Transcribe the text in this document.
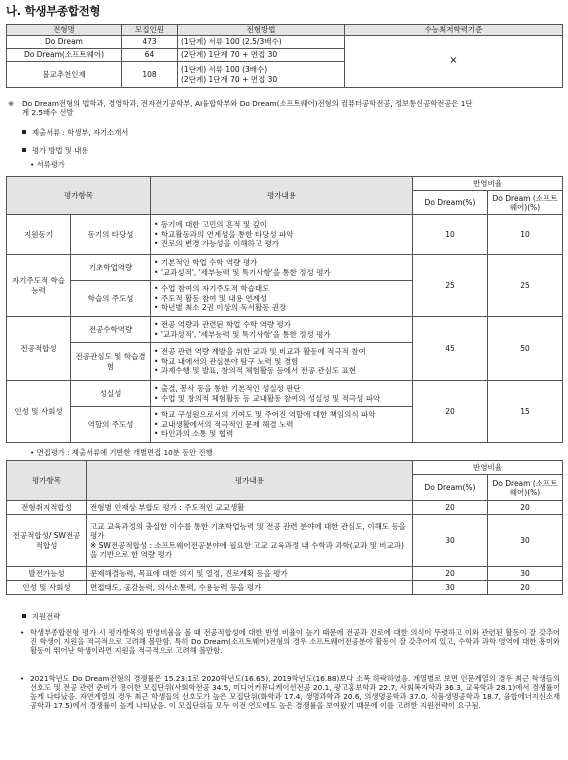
나. 학생부종합전형
전형명	모집인원	전형방법	수능최저학력기준
Do Dream	473	(1단계) 서류 100 (2.5/3배수)	×
Do Dream(소프트웨어)	64	(2단계) 1단계 70 + 면접 30	
불교추천인재	108	(1단계) 서류 100 (3배수)
(2단계) 1단계 70 + 면접 30	
※ Do Dream전형의 법학과, 경영학과, 전자전기공학부, AI융합학부와 Do Dream(소프트웨어)전형의 컴퓨터공학전공, 정보통신공학전공은 1단
계 2.5배수 선발
제출서류 : 학생부, 자기소개서
평가 방법 및 내용
• 서류평가
평가항목		평가내용	반영비율	
			Do Dream(%)	Do Dream (소프트웨어)(%)
지원동기	동기의 타당성	• 동기에 대한 고민의 흔적 및 깊이
• 학교활동과의 연계성을 통한 타당성 파악
• 진로의 변경 가능성을 이해하고 평가	10	10
자기주도적 학습능력	기초학업역량	• 기본적인 학업 수학 역량 평가
• '교과성적', '세부능력 및 특기사항'을 통한 정성 평가	25	25
	학습의 주도성	• 수업 참여의 자기주도적 학습태도
• 주도적 활동 참여 및 내용 연계성
• 학년별 최소 2권 이상의 독서활동 권장		

전공적합성	전공수학역량	• 전공 역량과 관련된 학업 수학 역량 평가
• '교과성적', '세부능력 및 특기사항'을 통한 정성 평가	45	50
	전공관심도 및 학습경험	• 전공 관련 역량 계발을 위한 교과 및 비교과 활동에 적극적 참여
• 학교 내에서의 관심분야 탐구 노력 및 경험
• 과제수행 및 발표, 창의적 체험활동 등에서 전공 관심도 표현		

인성 및 사회성	성실성	• 출결, 봉사 등을 통한 기본적인 성실성 판단
• 수업 및 창의적 체험활동 등 교내활동 참여의 성실성 및 적극성 파악	20	15
	역할의 주도성	• 학교 구성원으로서의 기여도 및 주어진 역할에 대한 책임의식 파악
• 교내생활에서의 적극적인 문제 해결 노력
• 타인과의 소통 및 협력		
• 면접평가 : 제출서류에 기반한 개별면접 10분 동안 진행
평가항목	평가내용	반영비율	
		Do Dream(%)	Do Dream (소프트웨어)(%)
전형취지적합성	전형별 인재상 부합도 평가 : 주도적인 교교생활	20	20
전공적합성/ SW전공적합성	고교 교육과정의 충실한 이수를 통한 기초학업능력 및 전공 관련 분야에 대한 관심도, 이해도 등을
평가
※ SW전공적합성 : 소프트웨어전공분야에 필요한 고교 교육과정 내 수학과 과학(교과 및 비교과)
을 기반으로 한 역량 평가	30	30
발전가능성	문제해결능력, 목표에 대한 의지 및 열정, 진로계획 등을 평가	20	30
인성 및 사회성	면접태도, 공감능력, 의사소통력, 수용능력 등을 평가	30	20
지원전략
• 학생부종합전형 평가 시 평가항목의 반영비율을 볼 때 전공적합성에 대한 반영 비율이 높기 때문에 전공과 진로에 대한 의식이 뚜렷하고 이와 관련된 활동이 잘 갖추어진 학생이 지원을 적극적으로 고려해 볼만함. 특히 Do Dream(소프트웨어)전형의 경우 소프트웨어전공분야 활동이 잘 갖추어져 있고, 수학과 과학 영역에 대한 흥미와 활동이 뛰어난 학생이라면 지원을 적극적으로 고려해 볼만함.
• 2021학년도 Do Dream전형의 경쟁률은 15.23:1로 2020학년도(16.65), 2019학년도(16.88)보다 소폭 하락하였음. 계열별로 보면 인문계열의 경우 최근 학생들의 선호도 및 전공 관련 준비가 용이한 모집단위(사회학전공 34.5, 미디어커뮤니케이션전공 20.1, 광고홍보학과 22.7, 사회복지학과 36.3, 교육학과 28.1)에서 경쟁률이 높게 나타났음. 자연계열의 경우 최근 학생들의 선호도가 높은 모집단위(화학과 17.4, 생명과학과 20.6, 의생명공학과 37.0, 식품생명공학과 18.7, 융합에너지신소재공학과 17.5)에서 경쟁률이 높게 나타났음. 이 모집단위들 모두 이전 연도에도 높은 경쟁률을 보여왔기 때문에 이를 고려한 지원전략이 요구됨.
